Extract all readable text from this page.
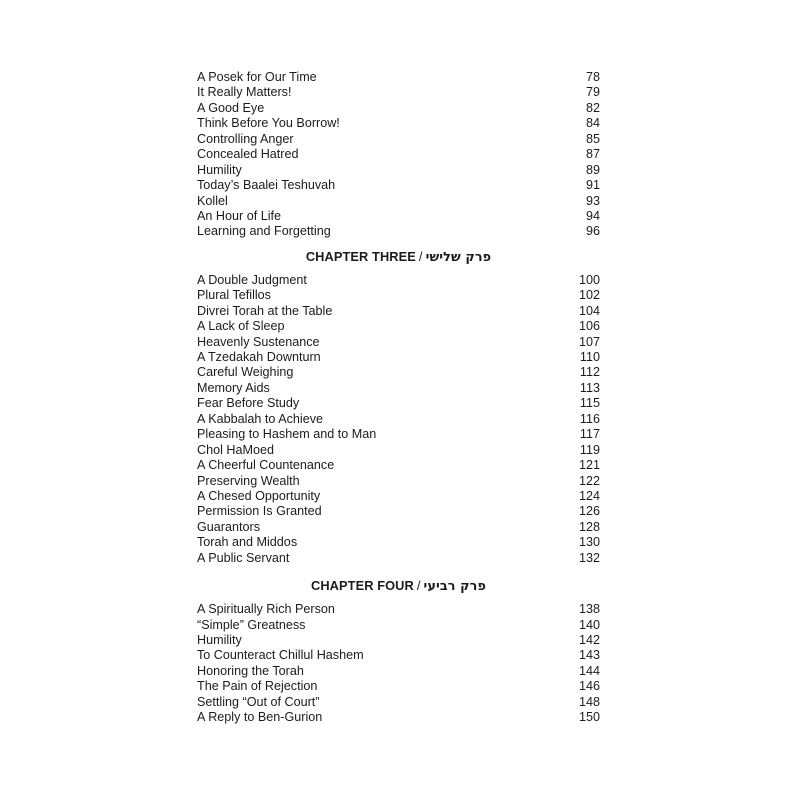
A Posek for Our Time	78
It Really Matters!	79
A Good Eye	82
Think Before You Borrow!	84
Controlling Anger	85
Concealed Hatred	87
Humility	89
Today’s Baalei Teshuvah	91
Kollel	93
An Hour of Life	94
Learning and Forgetting	96
CHAPTER THREE / פרק שלישי
A Double Judgment	100
Plural Tefillos	102
Divrei Torah at the Table	104
A Lack of Sleep	106
Heavenly Sustenance	107
A Tzedakah Downturn	110
Careful Weighing	112
Memory Aids	113
Fear Before Study	115
A Kabbalah to Achieve	116
Pleasing to Hashem and to Man	117
Chol HaMoed	119
A Cheerful Countenance	121
Preserving Wealth	122
A Chesed Opportunity	124
Permission Is Granted	126
Guarantors	128
Torah and Middos	130
A Public Servant	132
CHAPTER FOUR / פרק רביעי
A Spiritually Rich Person	138
“Simple” Greatness	140
Humility	142
To Counteract Chillul Hashem	143
Honoring the Torah	144
The Pain of Rejection	146
Settling “Out of Court”	148
A Reply to Ben-Gurion	150
